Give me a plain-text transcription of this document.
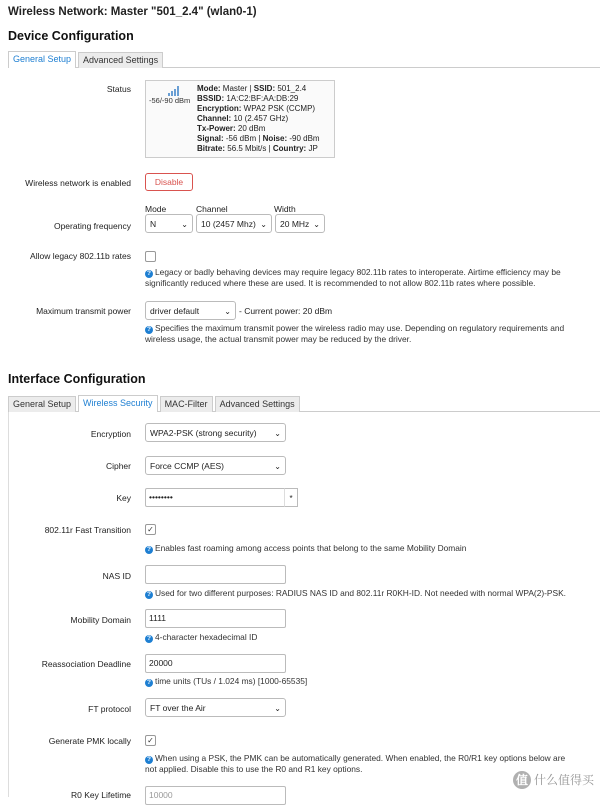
Wireless Network: Master "501_2.4" (wlan0-1)
Device Configuration
General Setup Advanced Settings
Status
-56/-90 dBm
Mode: Master | SSID: 501_2.4
BSSID: 1A:C2:BF:AA:DB:29
Encryption: WPA2 PSK (CCMP)
Channel: 10 (2.457 GHz)
Tx-Power: 20 dBm
Signal: -56 dBm | Noise: -90 dBm
Bitrate: 56.5 Mbit/s | Country: JP
Wireless network is enabled	Disable
Mode	Channel	Width
Operating frequency	N	⌄	10 (2457 Mhz) ⌄	20 MHz ⌄
Allow legacy 802.11b rates
? Legacy or badly behaving devices may require legacy 802.11b rates to interoperate. Airtime efficiency may be
significantly reduced where these are used. It is recommended to not allow 802.11b rates where possible.
Maximum transmit power	driver default	⌄ - Current power: 20 dBm
? Specifies the maximum transmit power the wireless radio may use. Depending on regulatory requirements and
wireless usage, the actual transmit power may be reduced by the driver.
Interface Configuration
General Setup Wireless Security MAC-Filter Advanced Settings
Encryption	WPA2-PSK (strong security) ⌄
Cipher	Force CCMP (AES)	⌄
Key	••••••••	*
802.11r Fast Transition ✓
? Enables fast roaming among access points that belong to the same Mobility Domain
NAS ID
? Used for two different purposes: RADIUS NAS ID and 802.11r R0KH-ID. Not needed with normal WPA(2)-PSK.
Mobility Domain	1111
? 4-character hexadecimal ID
Reassociation Deadline	20000
? time units (TUs / 1.024 ms) [1000-65535]
FT protocol	FT over the Air	⌄
Generate PMK locally ✓
? When using a PSK, the PMK can be automatically generated. When enabled, the R0/R1 key options below are
not applied. Disable this to use the R0 and R1 key options.
R0 Key Lifetime	10000	值 什么值得买
